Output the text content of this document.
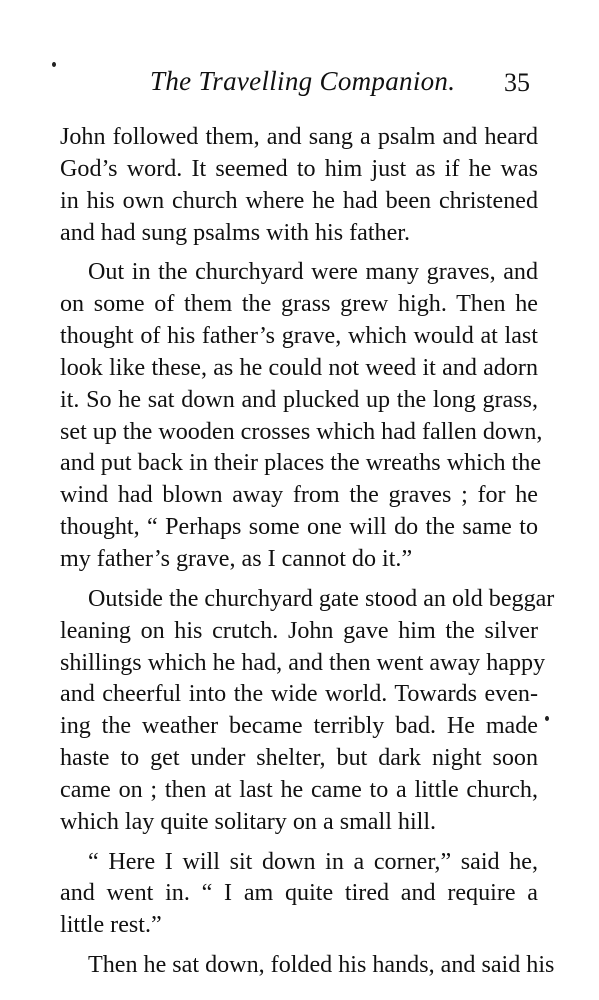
The Travelling Companion. 35
John followed them, and sang a psalm and heard
God’s word. It seemed to him just as if he was
in his own church where he had been christened
and had sung psalms with his father.
Out in the churchyard were many graves, and
on some of them the grass grew high. Then he
thought of his father’s grave, which would at last
look like these, as he could not weed it and adorn
it. So he sat down and plucked up the long grass,
set up the wooden crosses which had fallen down,
and put back in their places the wreaths which the
wind had blown away from the graves ; for he
thought, “ Perhaps some one will do the same to
my father’s grave, as I cannot do it.”
Outside the churchyard gate stood an old beggar
leaning on his crutch. John gave him the silver
shillings which he had, and then went away happy
and cheerful into the wide world. Towards even-
ing the weather became terribly bad. He made
haste to get under shelter, but dark night soon
came on ; then at last he came to a little church,
which lay quite solitary on a small hill.
“ Here I will sit down in a corner,” said he,
and went in. “ I am quite tired and require a
little rest.”
Then he sat down, folded his hands, and said his
